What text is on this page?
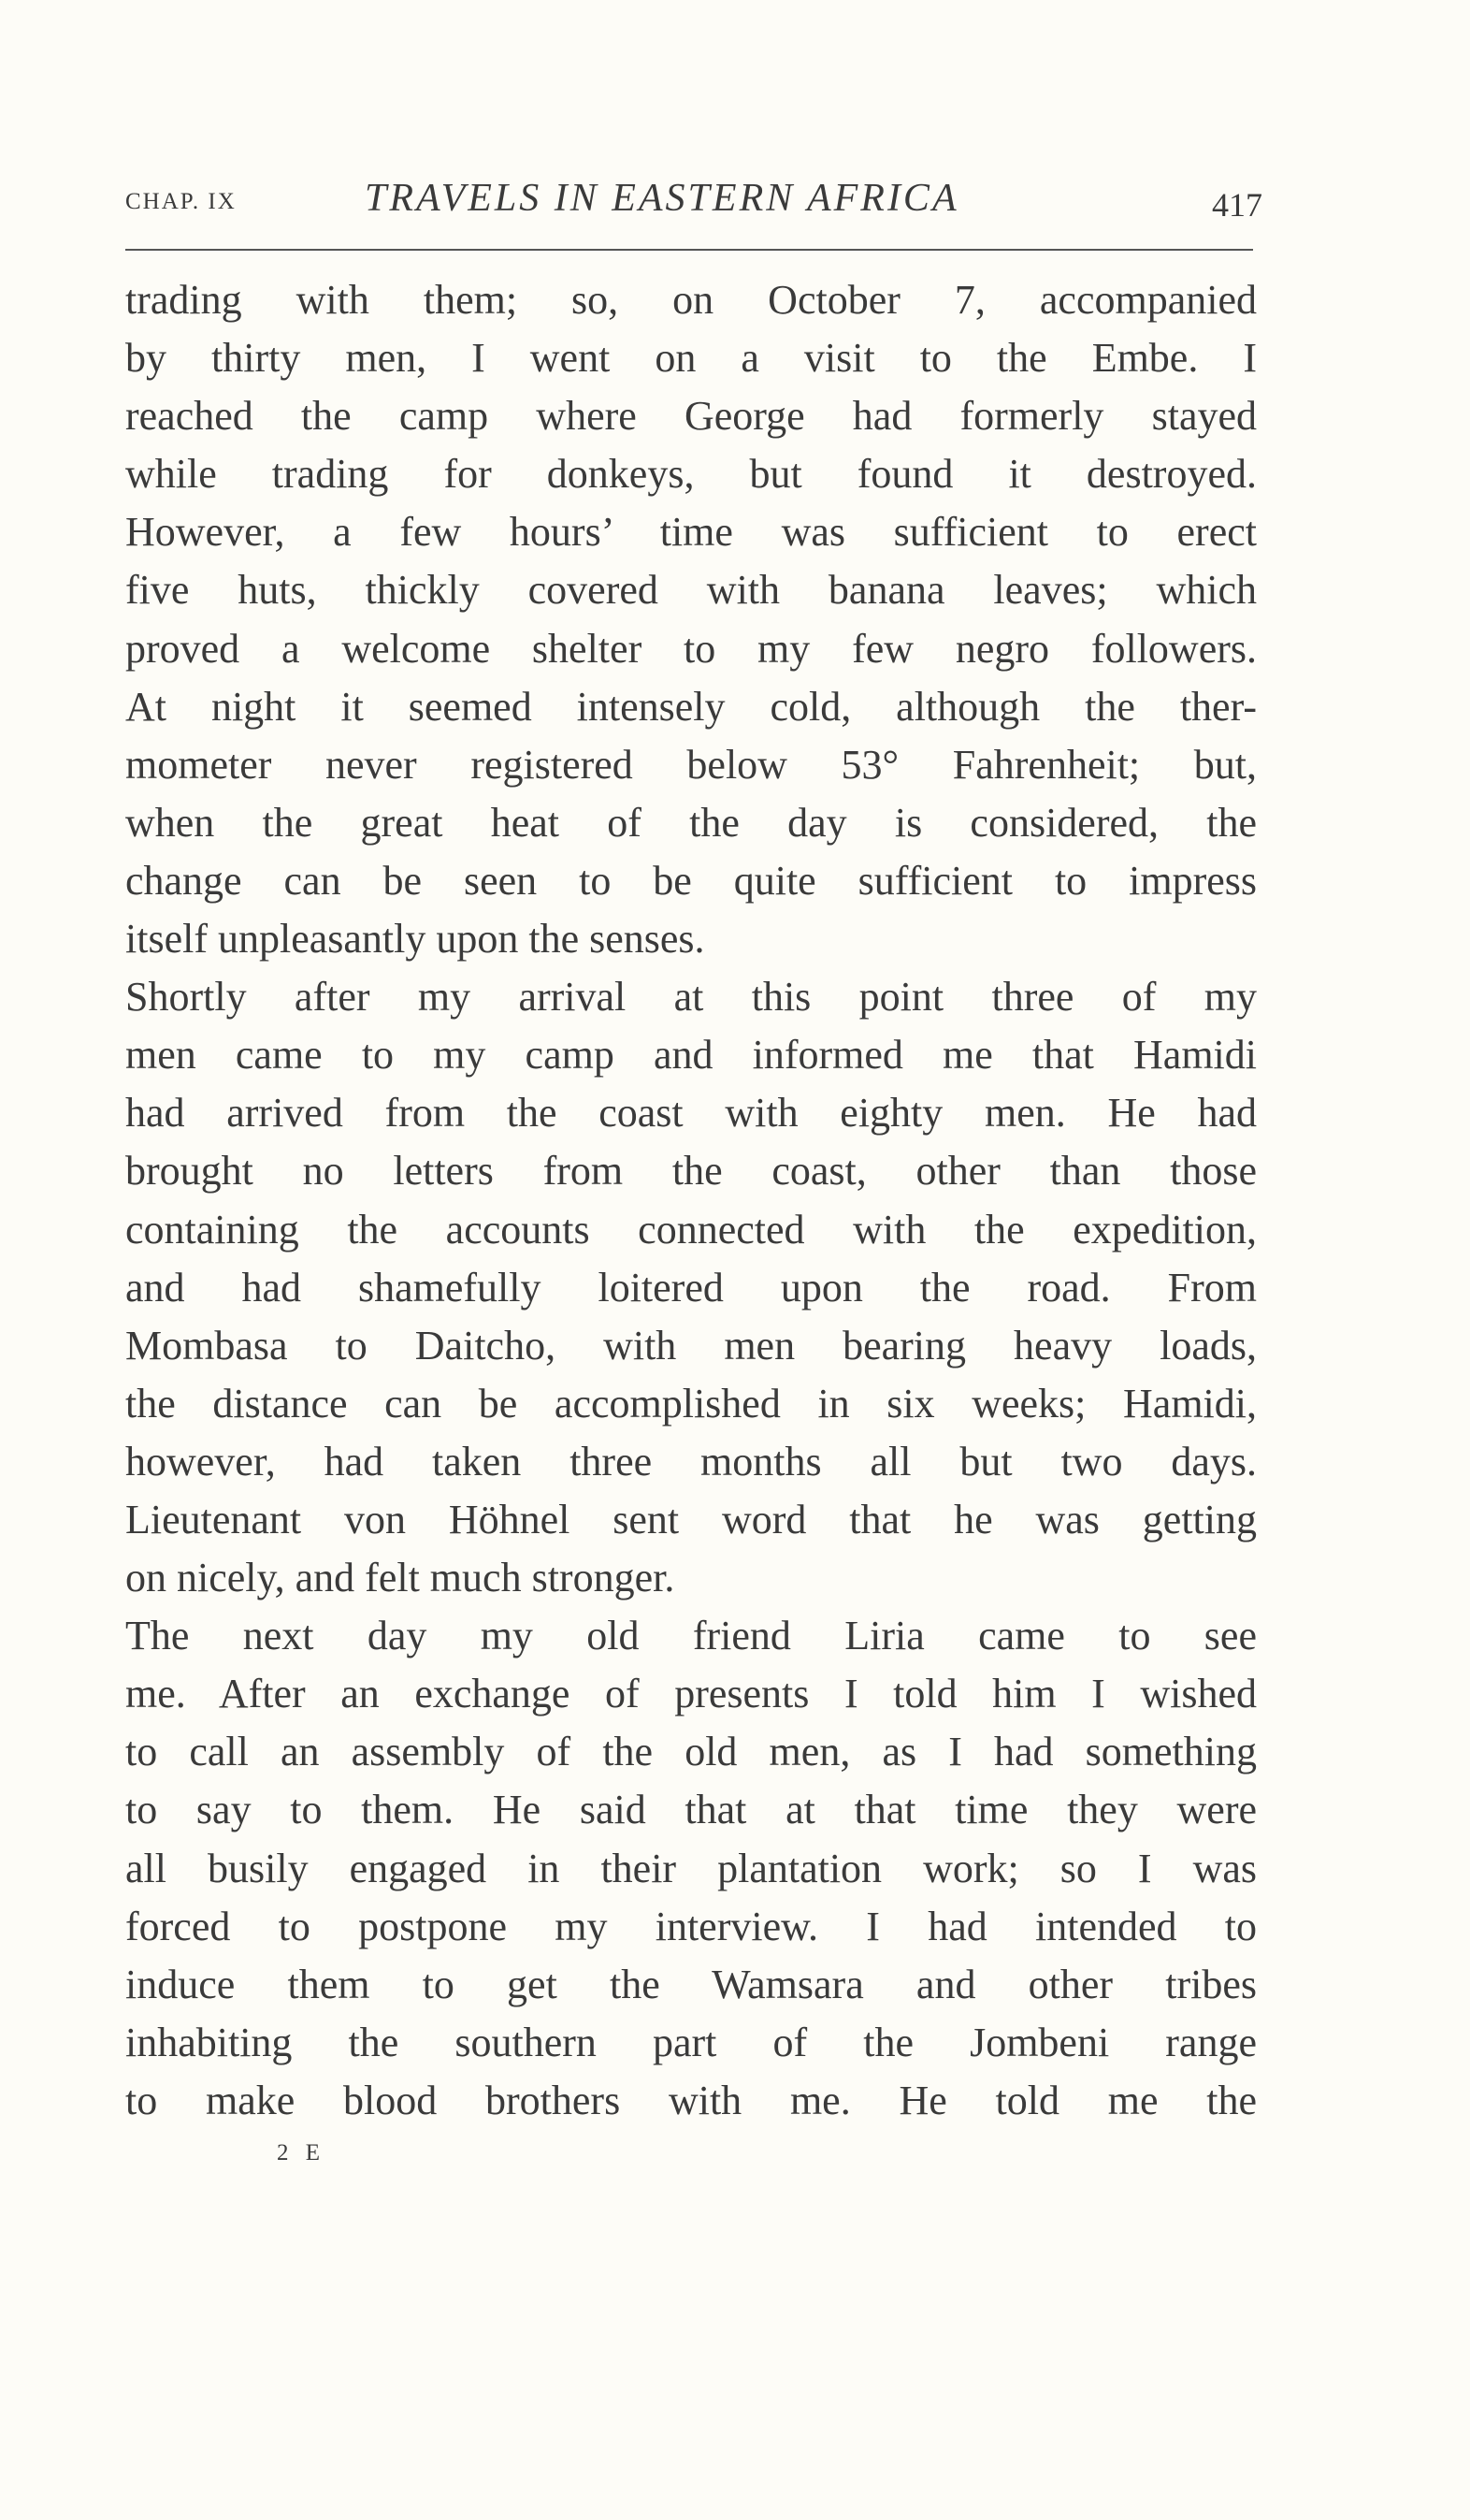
CHAP. IX	TRAVELS IN EASTERN AFRICA	417
trading with them; so, on October 7, accompanied
by thirty men, I went on a visit to the Embe. I
reached the camp where George had formerly stayed
while trading for donkeys, but found it destroyed.
However, a few hours’ time was sufficient to erect
five huts, thickly covered with banana leaves; which
proved a welcome shelter to my few negro followers.
At night it seemed intensely cold, although the ther-
mometer never registered below 53° Fahrenheit; but,
when the great heat of the day is considered, the
change can be seen to be quite sufficient to impress
itself unpleasantly upon the senses.
Shortly after my arrival at this point three of my
men came to my camp and informed me that Hamidi
had arrived from the coast with eighty men. He had
brought no letters from the coast, other than those
containing the accounts connected with the expedition,
and had shamefully loitered upon the road. From
Mombasa to Daitcho, with men bearing heavy loads,
the distance can be accomplished in six weeks; Hamidi,
however, had taken three months all but two days.
Lieutenant von Höhnel sent word that he was getting
on nicely, and felt much stronger.
The next day my old friend Liria came to see
me. After an exchange of presents I told him I wished
to call an assembly of the old men, as I had something
to say to them. He said that at that time they were
all busily engaged in their plantation work; so I was
forced to postpone my interview. I had intended to
induce them to get the Wamsara and other tribes
inhabiting the southern part of the Jombeni range
to make blood brothers with me. He told me the
2 E
